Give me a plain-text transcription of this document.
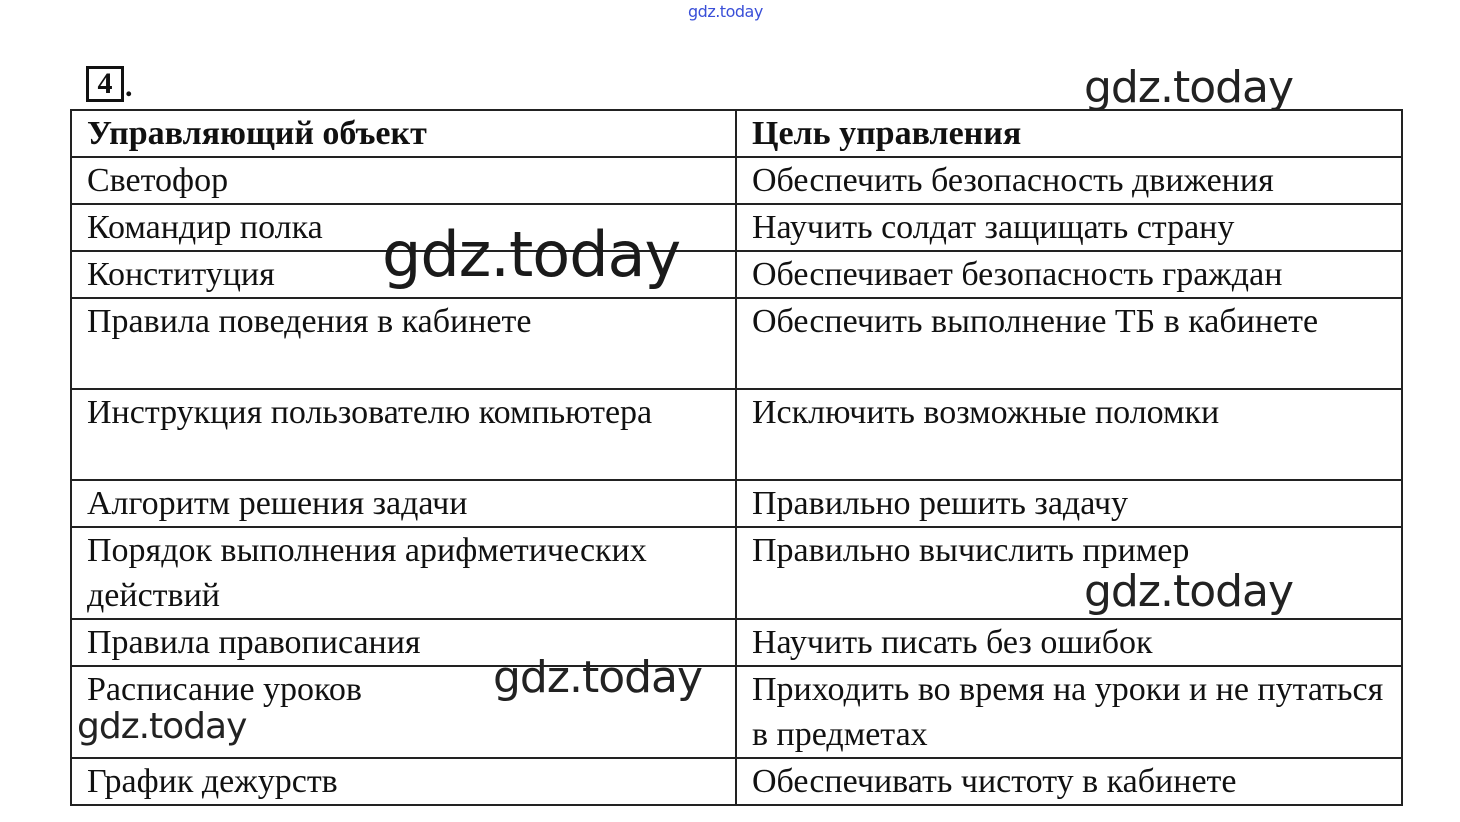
gdz.today
4 .
Управляющий объект	Цель управления
Светофор	Обеспечить безопасность движения
Командир полка	Научить солдат защищать страну
Конституция	Обеспечивает безопасность граждан
Правила поведения в кабинете	Обеспечить выполнение ТБ в кабинете
Инструкция пользователю компьютера	Исключить возможные поломки
Алгоритм решения задачи	Правильно решить задачу
Порядок выполнения арифметических действий	Правильно вычислить пример
Правила правописания	Научить писать без ошибок
Расписание уроков	Приходить во время на уроки и не путаться в предметах
График дежурств	Обеспечивать чистоту в кабинете
gdz.today
gdz.today
gdz.today
gdz.today
gdz.today
